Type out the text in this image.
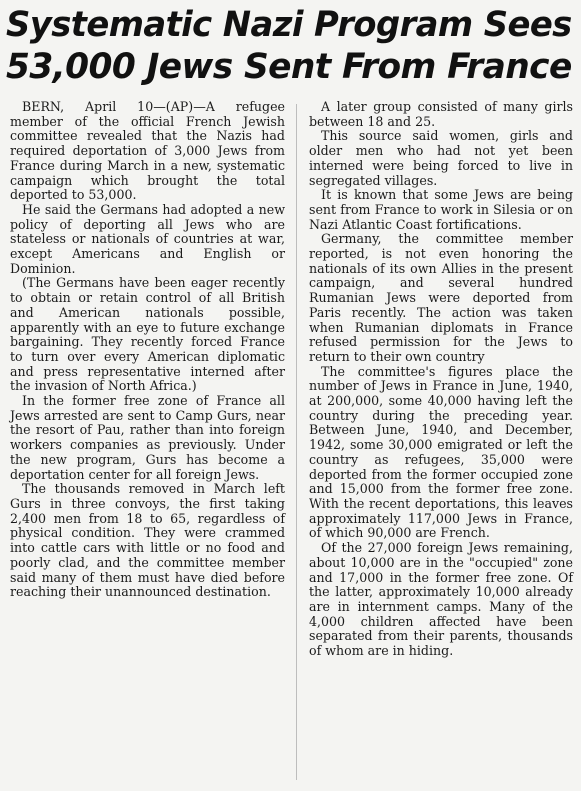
Systematic Nazi Program Sees
53,000 Jews Sent From France

BERN, April 10—(AP)—A refugee member of the official French Jewish committee revealed that the Nazis had required deportation of 3,000 Jews from France during March in a new, systematic campaign which brought the total deported to 53,000.

He said the Germans had adopted a new policy of deporting all Jews who are stateless or nationals of countries at war, except Americans and English or Dominion.

(The Germans have been eager recently to obtain or retain control of all British and American nationals possible, apparently with an eye to future exchange bargaining. They recently forced France to turn over every American diplomatic and press representative interned after the invasion of North Africa.)

In the former free zone of France all Jews arrested are sent to Camp Gurs, near the resort of Pau, rather than into foreign workers companies as previously. Under the new program, Gurs has become a deportation center for all foreign Jews.

The thousands removed in March left Gurs in three convoys, the first taking 2,400 men from 18 to 65, regardless of physical condition. They were crammed into cattle cars with little or no food and poorly clad, and the committee member said many of them must have died before reaching their unannounced destination.

A later group consisted of many girls between 18 and 25.

This source said women, girls and older men who had not yet been interned were being forced to live in segregated villages.

It is known that some Jews are being sent from France to work in Silesia or on Nazi Atlantic Coast fortifications.

Germany, the committee member reported, is not even honoring the nationals of its own Allies in the present campaign, and several hundred Rumanian Jews were deported from Paris recently. The action was taken when Rumanian diplomats in France refused permission for the Jews to return to their own country

The committee's figures place the number of Jews in France in June, 1940, at 200,000, some 40,000 having left the country during the preceding year. Between June, 1940, and December, 1942, some 30,000 emigrated or left the country as refugees, 35,000 were deported from the former occupied zone and 15,000 from the former free zone. With the recent deportations, this leaves approximately 117,000 Jews in France, of which 90,000 are French.

Of the 27,000 foreign Jews remaining, about 10,000 are in the "occupied" zone and 17,000 in the former free zone. Of the latter, approximately 10,000 already are in internment camps. Many of the 4,000 children affected have been separated from their parents, thousands of whom are in hiding.
